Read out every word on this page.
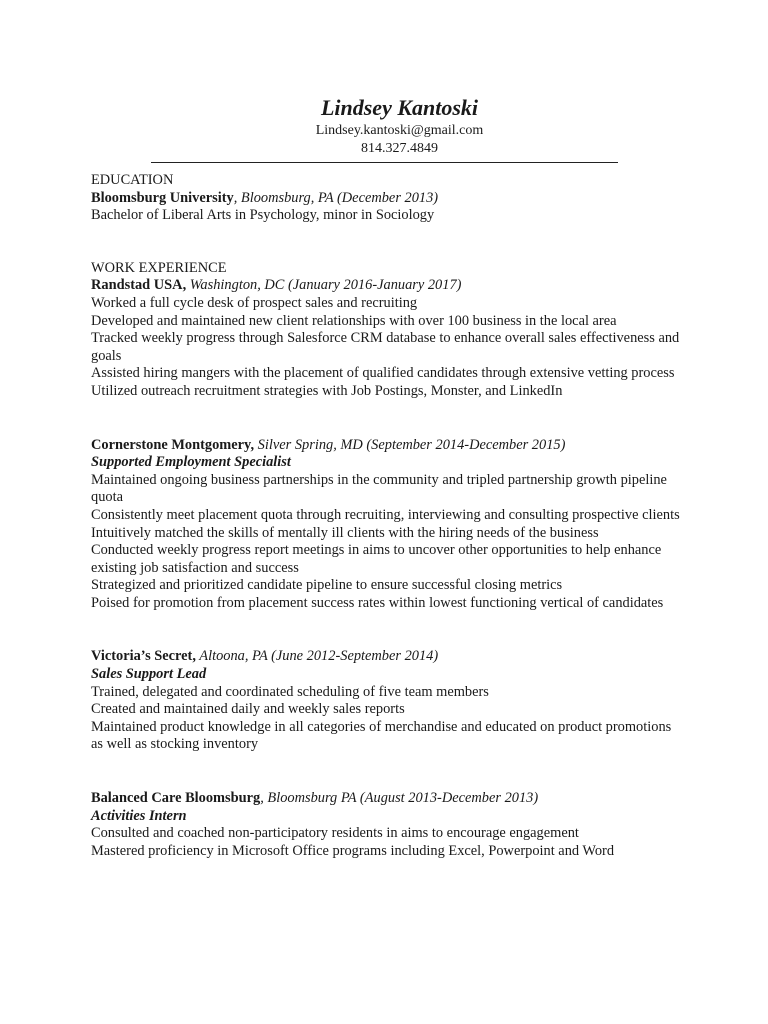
Lindsey Kantoski
Lindsey.kantoski@gmail.com
814.327.4849
EDUCATION
Bloomsburg University, Bloomsburg, PA (December 2013)
Bachelor of Liberal Arts in Psychology, minor in Sociology
WORK EXPERIENCE
Randstad USA, Washington, DC (January 2016-January 2017)
Worked a full cycle desk of prospect sales and recruiting
Developed and maintained new client relationships with over 100 business in the local area
Tracked weekly progress through Salesforce CRM database to enhance overall sales effectiveness and goals
Assisted hiring mangers with the placement of qualified candidates through extensive vetting process
Utilized outreach recruitment strategies with Job Postings, Monster, and LinkedIn
Cornerstone Montgomery, Silver Spring, MD (September 2014-December 2015)
Supported Employment Specialist
Maintained ongoing business partnerships in the community and tripled partnership growth pipeline quota
Consistently meet placement quota through recruiting, interviewing and consulting prospective clients
Intuitively matched the skills of mentally ill clients with the hiring needs of the business
Conducted weekly progress report meetings in aims to uncover other opportunities to help enhance existing job satisfaction and success
Strategized and prioritized candidate pipeline to ensure successful closing metrics
Poised for promotion from placement success rates within lowest functioning vertical of candidates
Victoria’s Secret, Altoona, PA (June 2012-September 2014)
Sales Support Lead
Trained, delegated and coordinated scheduling of five team members
Created and maintained daily and weekly sales reports
Maintained product knowledge in all categories of merchandise and educated on product promotions as well as stocking inventory
Balanced Care Bloomsburg, Bloomsburg PA (August 2013-December 2013)
Activities Intern
Consulted and coached non-participatory residents in aims to encourage engagement
Mastered proficiency in Microsoft Office programs including Excel, Powerpoint and Word
